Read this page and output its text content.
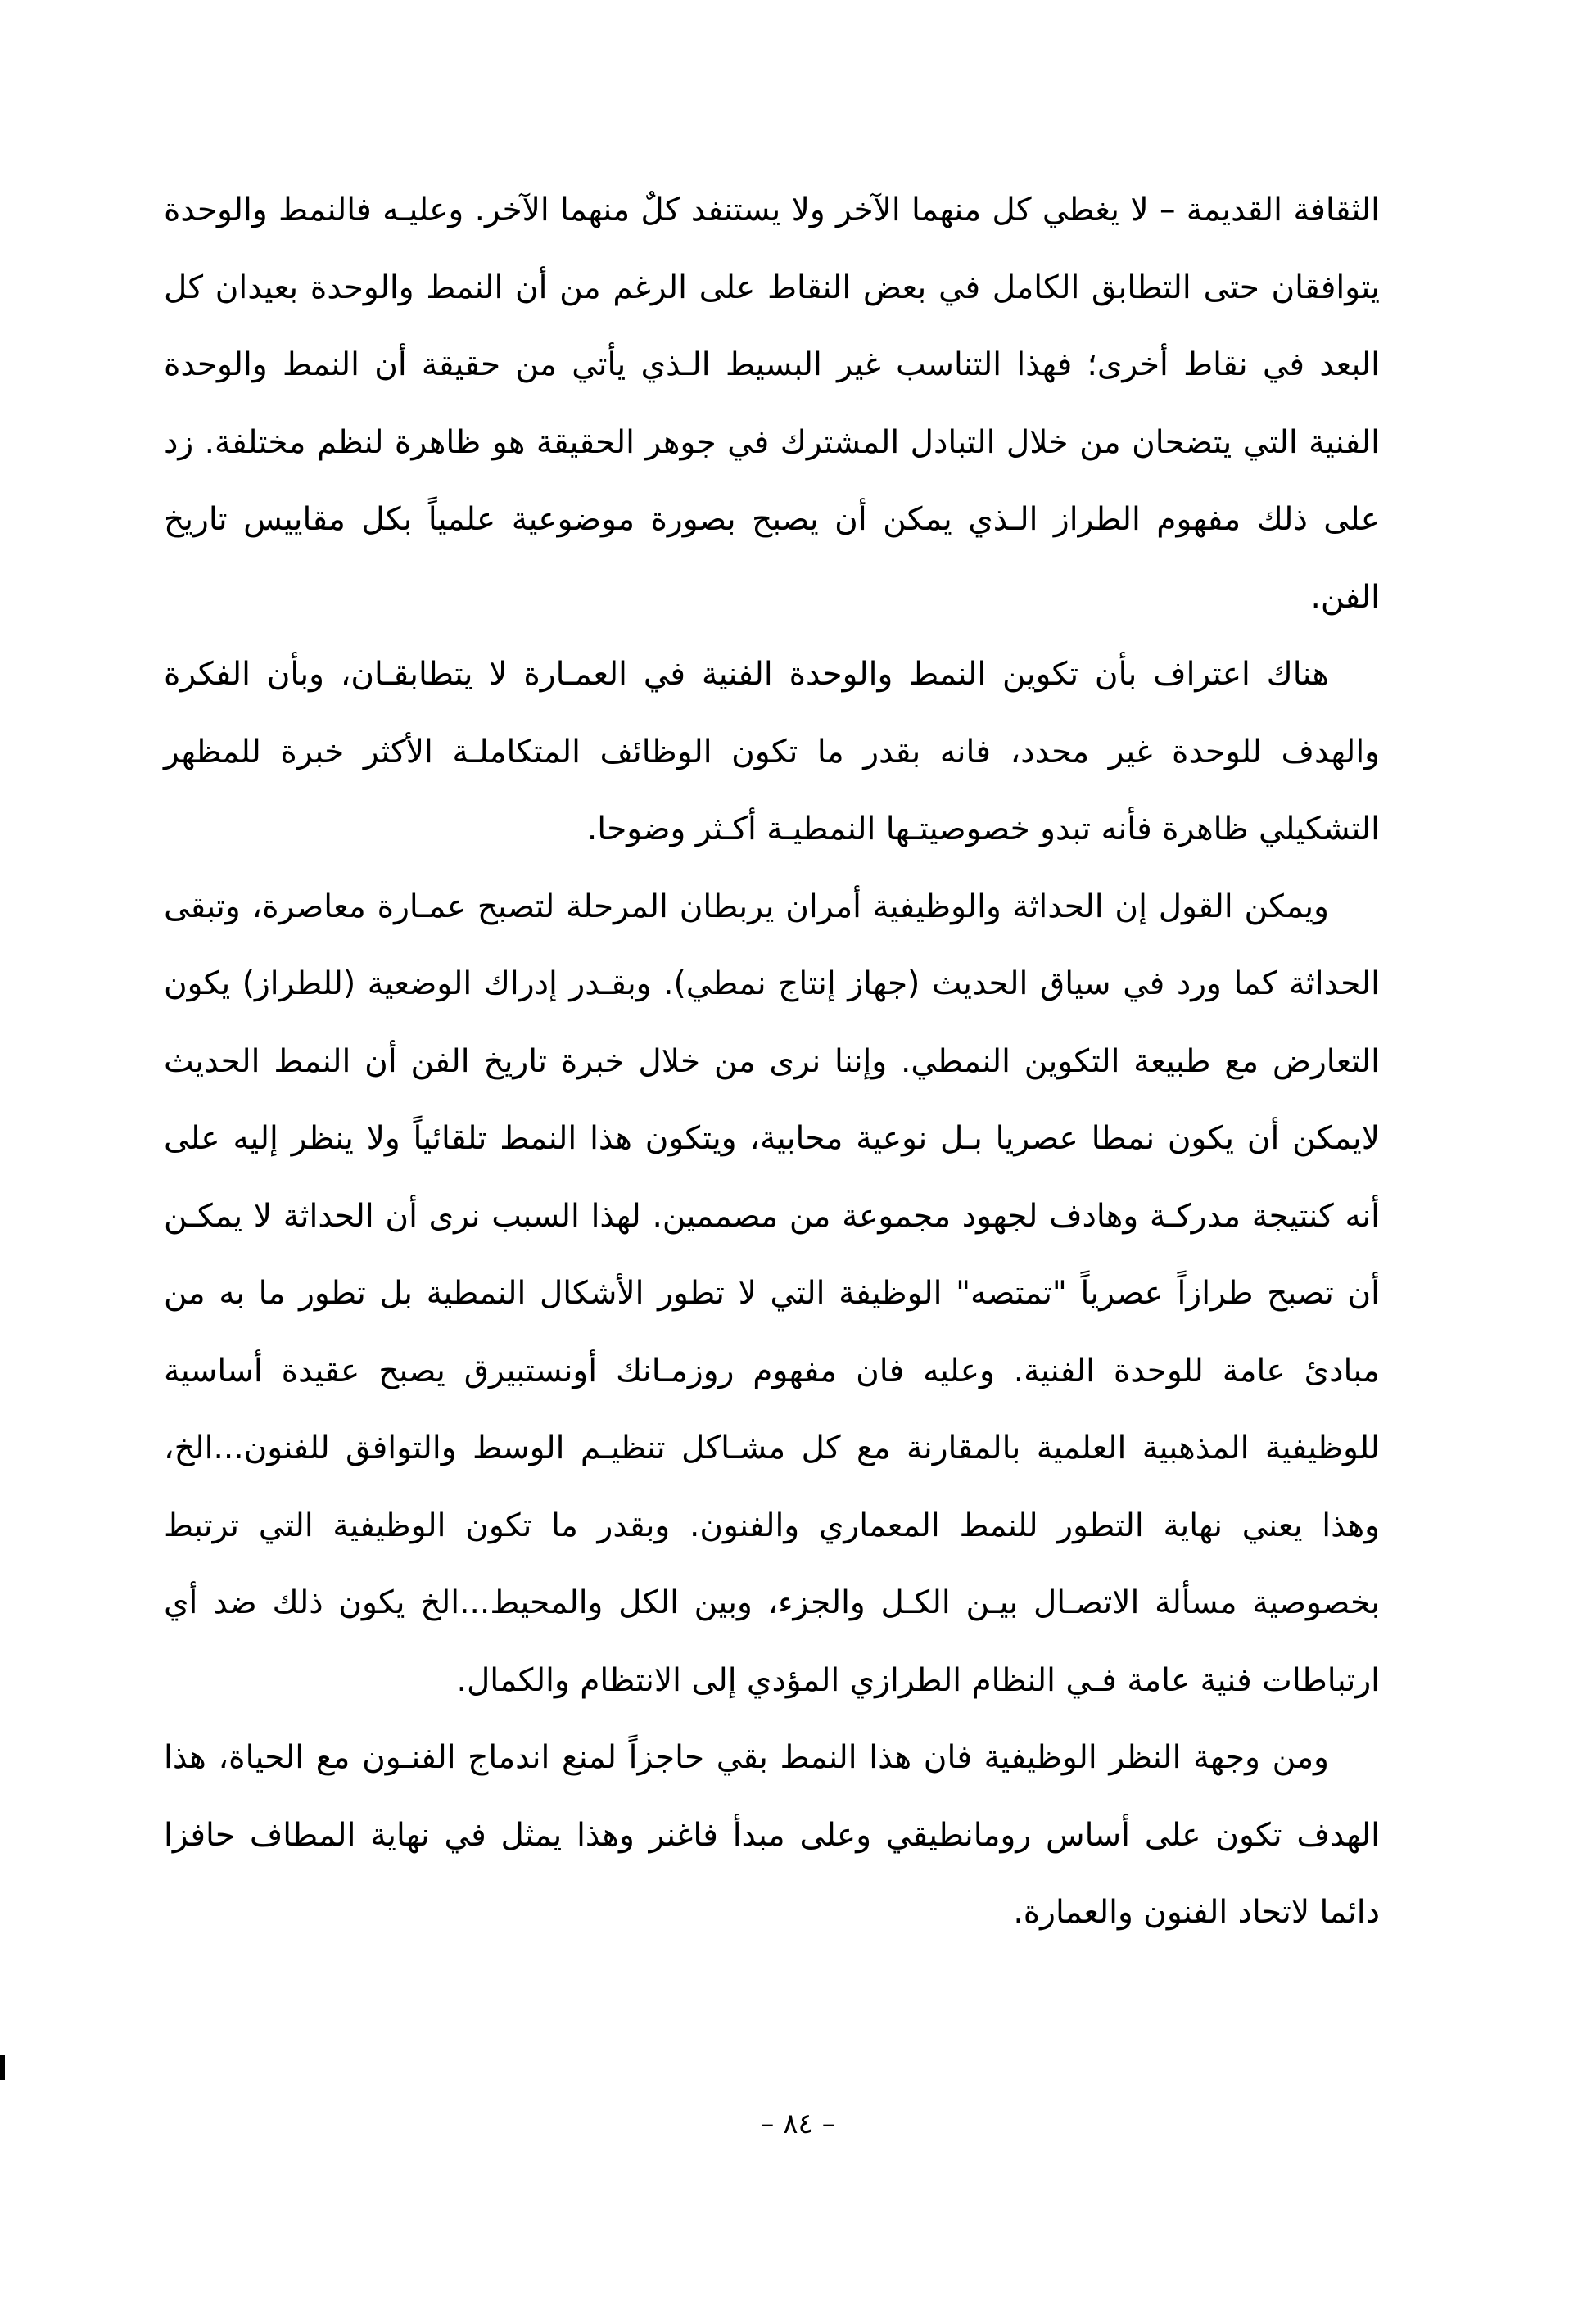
الثقافة القديمة – لا يغطي كل منهما الآخر ولا يستنفد كلٌ منهما الآخر. وعليـه فالنمط والوحدة يتوافقان حتى التطابق الكامل في بعض النقاط على الرغم من أن النمط والوحدة بعيدان كل البعد في نقاط أخرى؛ فهذا التناسب غير البسيط الـذي يأتي من حقيقة أن النمط والوحدة الفنية التي يتضحان من خلال التبادل المشترك في جوهر الحقيقة هو ظاهرة لنظم مختلفة. زد على ذلك مفهوم الطراز الـذي يمكن أن يصبح بصورة موضوعية علمياً بكل مقاييس تاريخ الفن.

هناك اعتراف بأن تكوين النمط والوحدة الفنية في العمـارة لا يتطابقـان، وبأن الفكرة والهدف للوحدة غير محدد، فانه بقدر ما تكون الوظائف المتكاملـة الأكثر خبرة للمظهر التشكيلي ظاهرة فأنه تبدو خصوصيتـها النمطيـة أكـثر وضوحا.

ويمكن القول إن الحداثة والوظيفية أمران يربطان المرحلة لتصبح عمـارة معاصرة، وتبقى الحداثة كما ورد في سياق الحديث (جهاز إنتاج نمطي). وبقـدر إدراك الوضعية (للطراز) يكون التعارض مع طبيعة التكوين النمطي. وإننا نرى من خلال خبرة تاريخ الفن أن النمط الحديث لايمكن أن يكون نمطا عصريا بـل نوعية محابية، ويتكون هذا النمط تلقائياً ولا ينظر إليه على أنه كنتيجة مدركـة وهادف لجهود مجموعة من مصممين. لهذا السبب نرى أن الحداثة لا يمكـن أن تصبح طرازاً عصرياً "تمتصه" الوظيفة التي لا تطور الأشكال النمطية بل تطور ما به من مبادئ عامة للوحدة الفنية. وعليه فان مفهوم روزمـانك أونستبيرق يصبح عقيدة أساسية للوظيفية المذهبية العلمية بالمقارنة مع كل مشـاكل تنظيـم الوسط والتوافق للفنون...الخ، وهذا يعني نهاية التطور للنمط المعماري والفنون. وبقدر ما تكون الوظيفية التي ترتبط بخصوصية مسألة الاتصـال بيـن الكـل والجزء، وبين الكل والمحيط...الخ يكون ذلك ضد أي ارتباطات فنية عامة فـي النظام الطرازي المؤدي إلى الانتظام والكمال.

ومن وجهة النظر الوظيفية فان هذا النمط بقي حاجزاً لمنع اندماج الفنـون مع الحياة، هذا الهدف تكون على أساس رومانطيقي وعلى مبدأ فاغنر وهذا يمثل في نهاية المطاف حافزا دائما لاتحاد الفنون والعمارة.

– ٨٤ –
